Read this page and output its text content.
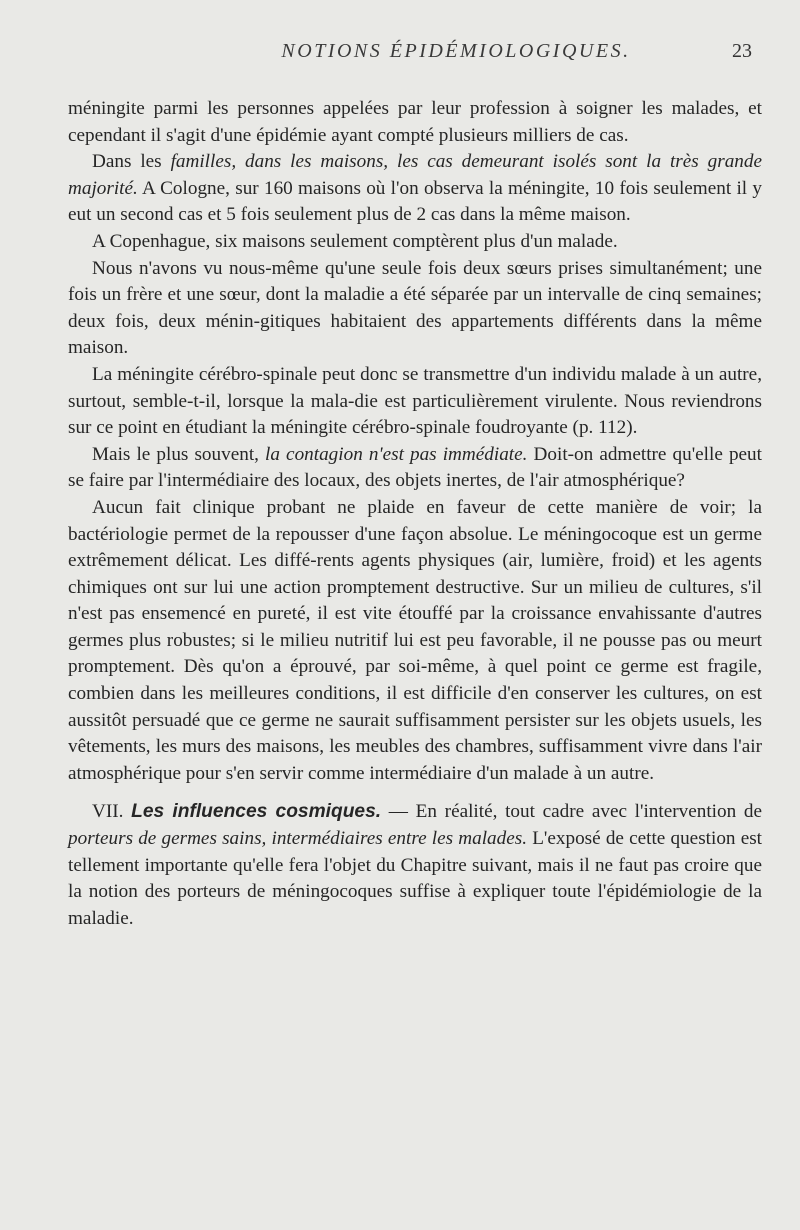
NOTIONS ÉPIDÉMIOLOGIQUES.	23

méningite parmi les personnes appelées par leur profession à soigner les malades, et cependant il s'agit d'une épidémie ayant compté plusieurs milliers de cas.

Dans les familles, dans les maisons, les cas demeurant isolés sont la très grande majorité. A Cologne, sur 160 maisons où l'on observa la méningite, 10 fois seulement il y eut un second cas et 5 fois seulement plus de 2 cas dans la même maison.

A Copenhague, six maisons seulement comptèrent plus d'un malade.

Nous n'avons vu nous-même qu'une seule fois deux sœurs prises simultanément; une fois un frère et une sœur, dont la maladie a été séparée par un intervalle de cinq semaines; deux fois, deux ménin-gitiques habitaient des appartements différents dans la même maison.

La méningite cérébro-spinale peut donc se transmettre d'un individu malade à un autre, surtout, semble-t-il, lorsque la mala-die est particulièrement virulente. Nous reviendrons sur ce point en étudiant la méningite cérébro-spinale foudroyante (p. 112).

Mais le plus souvent, la contagion n'est pas immédiate. Doit-on admettre qu'elle peut se faire par l'intermédiaire des locaux, des objets inertes, de l'air atmosphérique?

Aucun fait clinique probant ne plaide en faveur de cette manière de voir; la bactériologie permet de la repousser d'une façon absolue. Le méningocoque est un germe extrêmement délicat. Les diffé-rents agents physiques (air, lumière, froid) et les agents chimiques ont sur lui une action promptement destructive. Sur un milieu de cultures, s'il n'est pas ensemencé en pureté, il est vite étouffé par la croissance envahissante d'autres germes plus robustes; si le milieu nutritif lui est peu favorable, il ne pousse pas ou meurt promptement. Dès qu'on a éprouvé, par soi-même, à quel point ce germe est fragile, combien dans les meilleures conditions, il est difficile d'en conserver les cultures, on est aussitôt persuadé que ce germe ne saurait suffisamment persister sur les objets usuels, les vêtements, les murs des maisons, les meubles des chambres, suffisamment vivre dans l'air atmosphérique pour s'en servir comme intermédiaire d'un malade à un autre.

VII. Les influences cosmiques. — En réalité, tout cadre avec l'intervention de porteurs de germes sains, intermédiaires entre les malades. L'exposé de cette question est tellement importante qu'elle fera l'objet du Chapitre suivant, mais il ne faut pas croire que la notion des porteurs de méningocoques suffise à expliquer toute l'épidémiologie de la maladie.
